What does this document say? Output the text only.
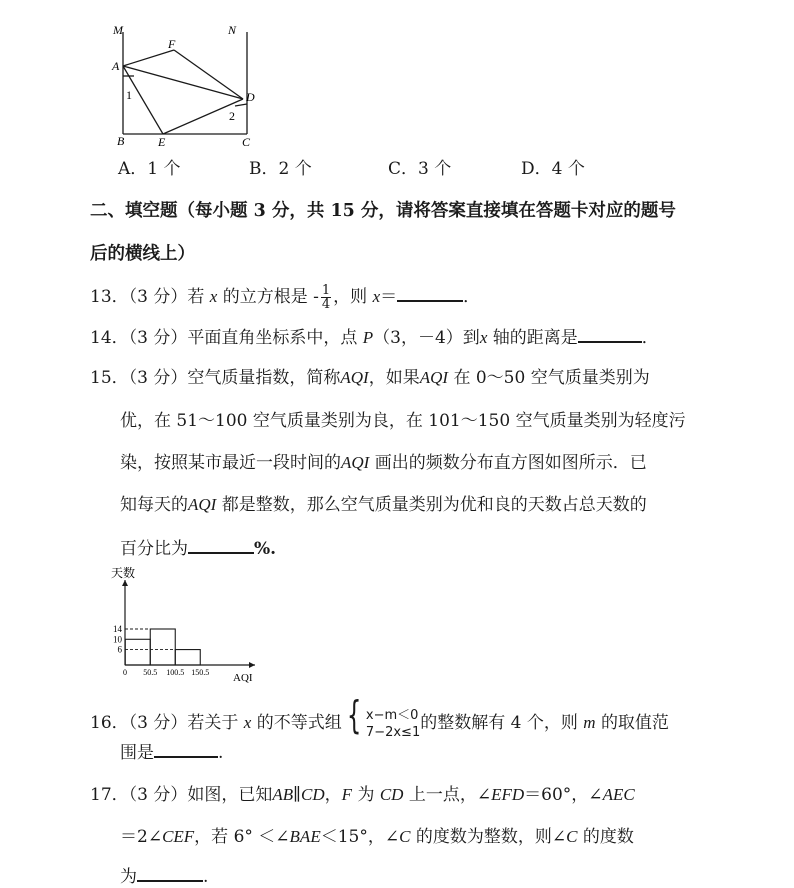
M	N
F
A
D
B	E	C
1
2
A．1 个	B．2 个	C．3 个	D．4 个
二、填空题（每小题 3 分，共 15 分，请将答案直接填在答题卡对应的题号
后的横线上）
13．（3 分）若 x 的立方根是 - $\frac{1}{4}$ ，则 x＝	．
14．（3 分）平面直角坐标系中，点 P（3，－4）到x 轴的距离是	．
15．（3 分）空气质量指数，简称AQI，如果AQI 在 0～50 空气质量类别为
优，在 51～100 空气质量类别为良，在 101～150 空气质量类别为轻度污
染，按照某市最近一段时间的AQI 画出的频数分布直方图如图所示．已
知每天的AQI 都是整数，那么空气质量类别为优和良的天数占总天数的
百分比为	%.
天数
6
10
14
0 50.5 100.5 150.5 AQI
16．（3 分）若关于 x 的不等式组 { x−m＜0
7−2x≤1 的整数解有 4 个，则 m 的取值范
围是	.
17．（3 分）如图，已知AB∥CD，F 为 CD 上一点，∠EFD＝60°，∠AEC
＝2∠CEF，若 6° ＜∠BAE＜15°，∠C 的度数为整数，则∠C 的度数
为	.
